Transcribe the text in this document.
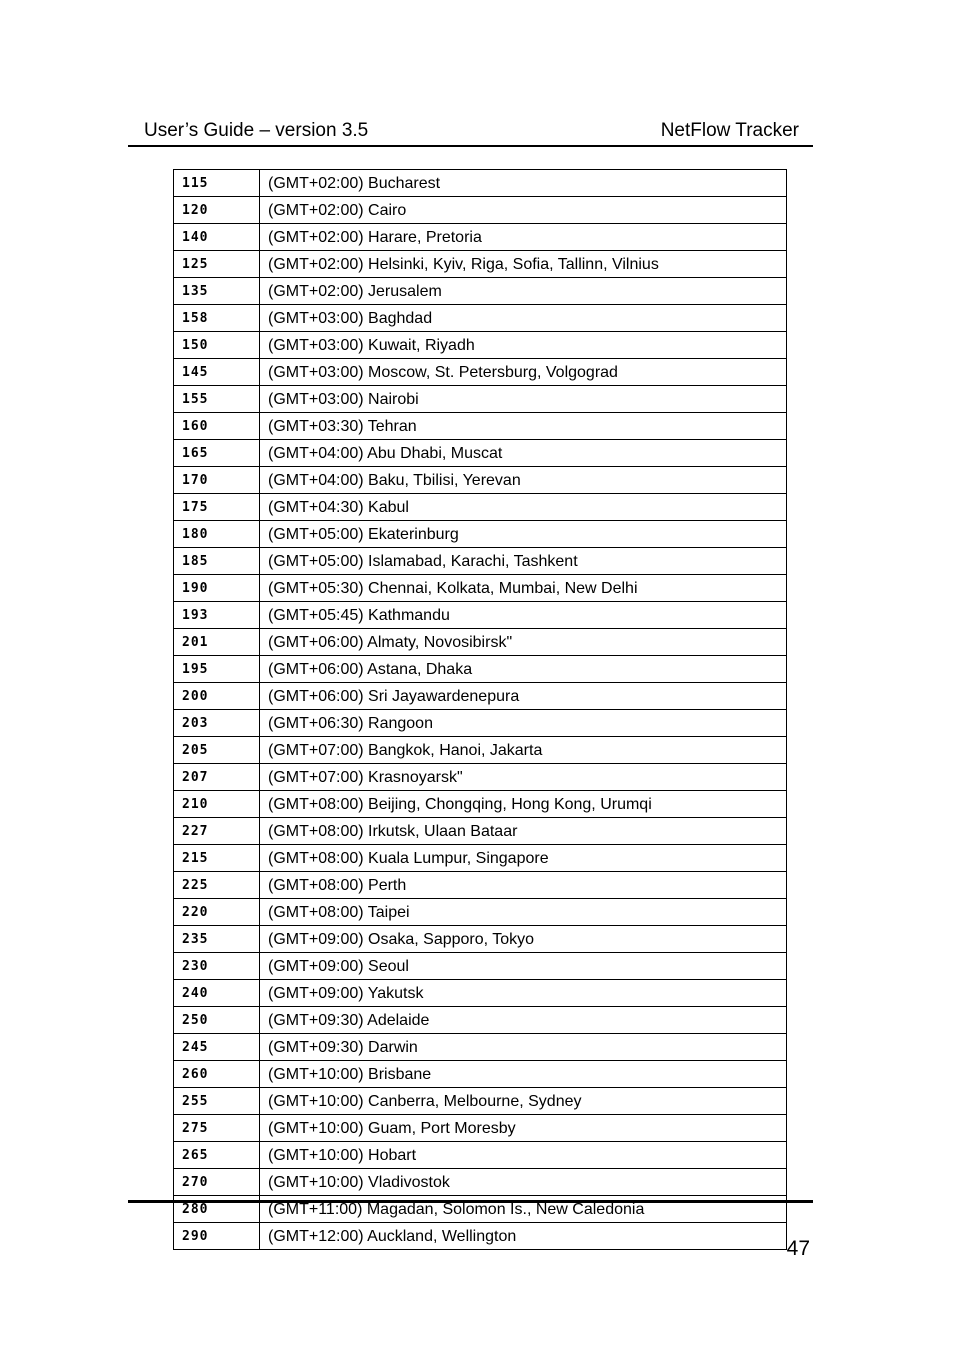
User’s Guide – version 3.5	NetFlow Tracker
115	(GMT+02:00) Bucharest
120	(GMT+02:00) Cairo
140	(GMT+02:00) Harare, Pretoria
125	(GMT+02:00) Helsinki, Kyiv, Riga, Sofia, Tallinn, Vilnius
135	(GMT+02:00) Jerusalem
158	(GMT+03:00) Baghdad
150	(GMT+03:00) Kuwait, Riyadh
145	(GMT+03:00) Moscow, St. Petersburg, Volgograd
155	(GMT+03:00) Nairobi
160	(GMT+03:30) Tehran
165	(GMT+04:00) Abu Dhabi, Muscat
170	(GMT+04:00) Baku, Tbilisi, Yerevan
175	(GMT+04:30) Kabul
180	(GMT+05:00) Ekaterinburg
185	(GMT+05:00) Islamabad, Karachi, Tashkent
190	(GMT+05:30) Chennai, Kolkata, Mumbai, New Delhi
193	(GMT+05:45) Kathmandu
201	(GMT+06:00) Almaty, Novosibirsk"
195	(GMT+06:00) Astana, Dhaka
200	(GMT+06:00) Sri Jayawardenepura
203	(GMT+06:30) Rangoon
205	(GMT+07:00) Bangkok, Hanoi, Jakarta
207	(GMT+07:00) Krasnoyarsk"
210	(GMT+08:00) Beijing, Chongqing, Hong Kong, Urumqi
227	(GMT+08:00) Irkutsk, Ulaan Bataar
215	(GMT+08:00) Kuala Lumpur, Singapore
225	(GMT+08:00) Perth
220	(GMT+08:00) Taipei
235	(GMT+09:00) Osaka, Sapporo, Tokyo
230	(GMT+09:00) Seoul
240	(GMT+09:00) Yakutsk
250	(GMT+09:30) Adelaide
245	(GMT+09:30) Darwin
260	(GMT+10:00) Brisbane
255	(GMT+10:00) Canberra, Melbourne, Sydney
275	(GMT+10:00) Guam, Port Moresby
265	(GMT+10:00) Hobart
270	(GMT+10:00) Vladivostok
280	(GMT+11:00) Magadan, Solomon Is., New Caledonia
290	(GMT+12:00) Auckland, Wellington
47
